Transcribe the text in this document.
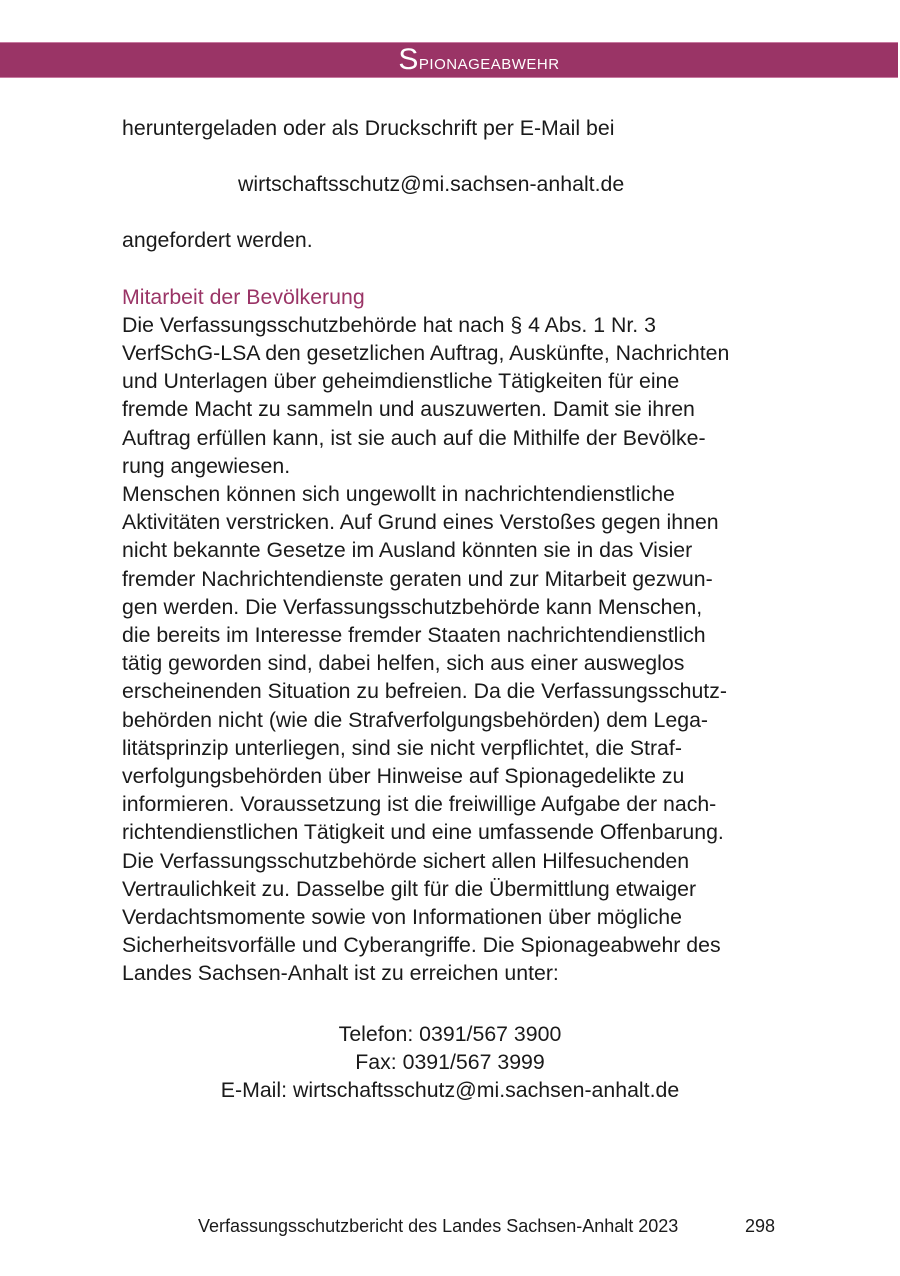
Spionageabwehr
heruntergeladen oder als Druckschrift per E-Mail bei
wirtschaftsschutz@mi.sachsen-anhalt.de
angefordert werden.
Mitarbeit der Bevölkerung
Die Verfassungsschutzbehörde hat nach § 4 Abs. 1 Nr. 3
VerfSchG-LSA den gesetzlichen Auftrag, Auskünfte, Nachrichten
und Unterlagen über geheimdienstliche Tätigkeiten für eine
fremde Macht zu sammeln und auszuwerten. Damit sie ihren
Auftrag erfüllen kann, ist sie auch auf die Mithilfe der Bevölke-
rung angewiesen.
Menschen können sich ungewollt in nachrichtendienstliche
Aktivitäten verstricken. Auf Grund eines Verstoßes gegen ihnen
nicht bekannte Gesetze im Ausland könnten sie in das Visier
fremder Nachrichtendienste geraten und zur Mitarbeit gezwun-
gen werden. Die Verfassungsschutzbehörde kann Menschen,
die bereits im Interesse fremder Staaten nachrichtendienstlich
tätig geworden sind, dabei helfen, sich aus einer ausweglos
erscheinenden Situation zu befreien. Da die Verfassungsschutz-
behörden nicht (wie die Strafverfolgungsbehörden) dem Lega-
litätsprinzip unterliegen, sind sie nicht verpflichtet, die Straf-
verfolgungsbehörden über Hinweise auf Spionagedelikte zu
informieren. Voraussetzung ist die freiwillige Aufgabe der nach-
richtendienstlichen Tätigkeit und eine umfassende Offenbarung.
Die Verfassungsschutzbehörde sichert allen Hilfesuchenden
Vertraulichkeit zu. Dasselbe gilt für die Übermittlung etwaiger
Verdachtsmomente sowie von Informationen über mögliche
Sicherheitsvorfälle und Cyberangriffe. Die Spionageabwehr des
Landes Sachsen-Anhalt ist zu erreichen unter:
Telefon: 0391/567 3900
Fax: 0391/567 3999
E-Mail: wirtschaftsschutz@mi.sachsen-anhalt.de
Verfassungsschutzbericht des Landes Sachsen-Anhalt 2023	298
